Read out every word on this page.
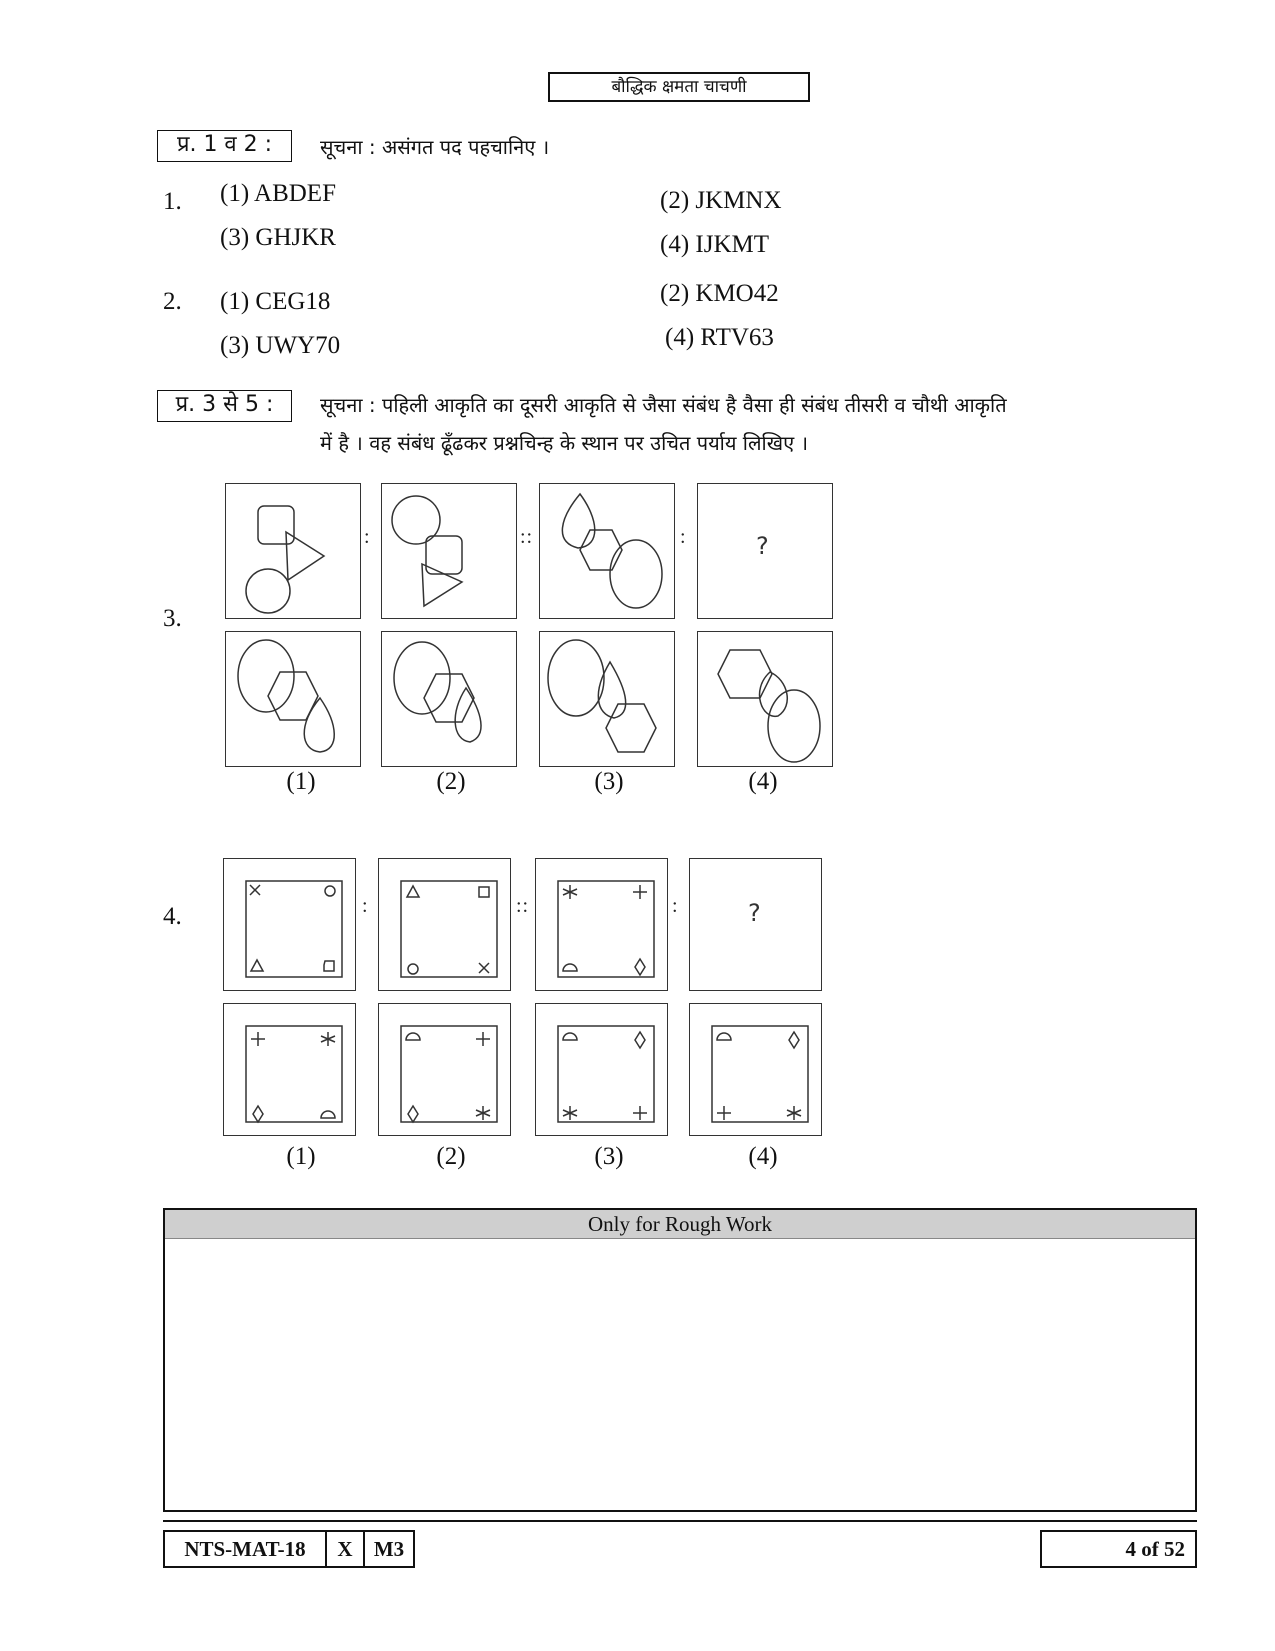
बौद्धिक क्षमता चाचणी
प्र. 1 व 2 :	सूचना : असंगत पद पहचानिए ।
1. (1) ABDEF	(2) JKMNX
(3) GHJKR	(4) IJKMT
2. (1) CEG18	(2) KMO42
(3) UWY70	(4) RTV63
प्र. 3 से 5 :	सूचना : पहिली आकृति का दूसरी आकृति से जैसा संबंध है वैसा ही संबंध तीसरी व चौथी आकृति
में है । वह संबंध ढूँढकर प्रश्नचिन्ह के स्थान पर उचित पर्याय लिखिए ।
3.
:	::	:	?
(1)	(2)	(3)	(4)
4.	:	::	:	?
(1)	(2)	(3)	(4)
Only for Rough Work
NTS-MAT-18	X	M3	4 of 52
